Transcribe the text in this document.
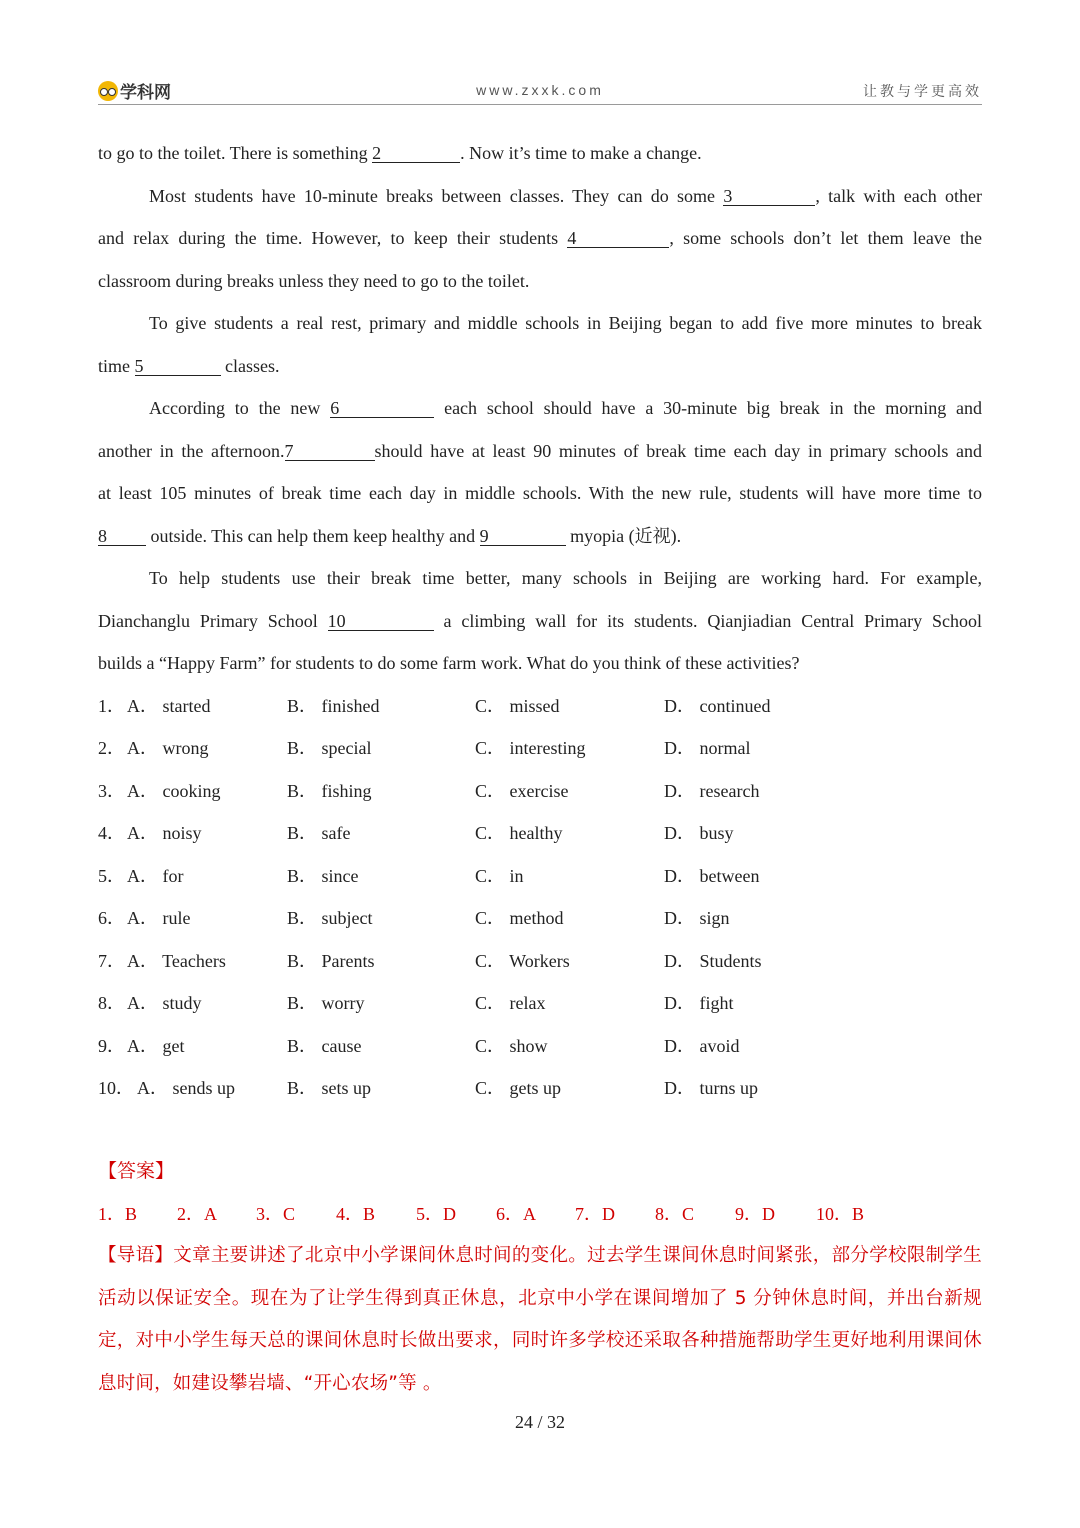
学科网	www.zxxk.com	让教与学更高效
to go to the toilet. There is something 2	. Now it’s time to make a change.
Most students have 10-minute breaks between classes. They can do some 3	, talk with each other
and relax during the time. However, to keep their students 4	, some schools don’t let them leave the
classroom during breaks unless they need to go to the toilet.
To give students a real rest, primary and middle schools in Beijing began to add five more minutes to break
time 5	classes.
According to the new 6	each school should have a 30-minute big break in the morning and
another in the afternoon.7	should have at least 90 minutes of break time each day in primary schools and
at least 105 minutes of break time each day in middle schools. With the new rule, students will have more time to
8 outside. This can help them keep healthy and 9	myopia (近视).
To help students use their break time better, many schools in Beijing are working hard. For example,
Dianchanglu Primary School 10	a climbing wall for its students. Qianjiadian Central Primary School
builds a “Happy Farm” for students to do some farm work. What do you think of these activities?
1． A． started	B． finished	C． missed	D． continued
2． A． wrong	B． special	C． interesting	D． normal
3． A． cooking	B． fishing	C． exercise	D． research
4． A． noisy	B． safe	C． healthy	D． busy
5． A． for	B． since	C． in	D． between
6． A． rule	B． subject	C． method	D． sign
7． A． Teachers	B． Parents	C． Workers	D． Students
8． A． study	B． worry	C． relax	D． fight
9． A． get	B． cause	C． show	D． avoid
10． A． sends up	B． sets up	C． gets up	D． turns up
【答案】
1．B 2．A 3．C 4．B 5．D 6．A 7．D 8．C 9．D 10．B
【导语】文章主要讲述了北京中小学课间休息时间的变化。过去学生课间休息时间紧张，部分学校限制学生活动以保证安全。现在为了让学生得到真正休息，北京中小学在课间增加了 5 分钟休息时间，并出台新规定，对中小学生每天总的课间休息时长做出要求，同时许多学校还采取各种措施帮助学生更好地利用课间休息时间，如建设攀岩墙、“开心农场”等 。
24 / 32
